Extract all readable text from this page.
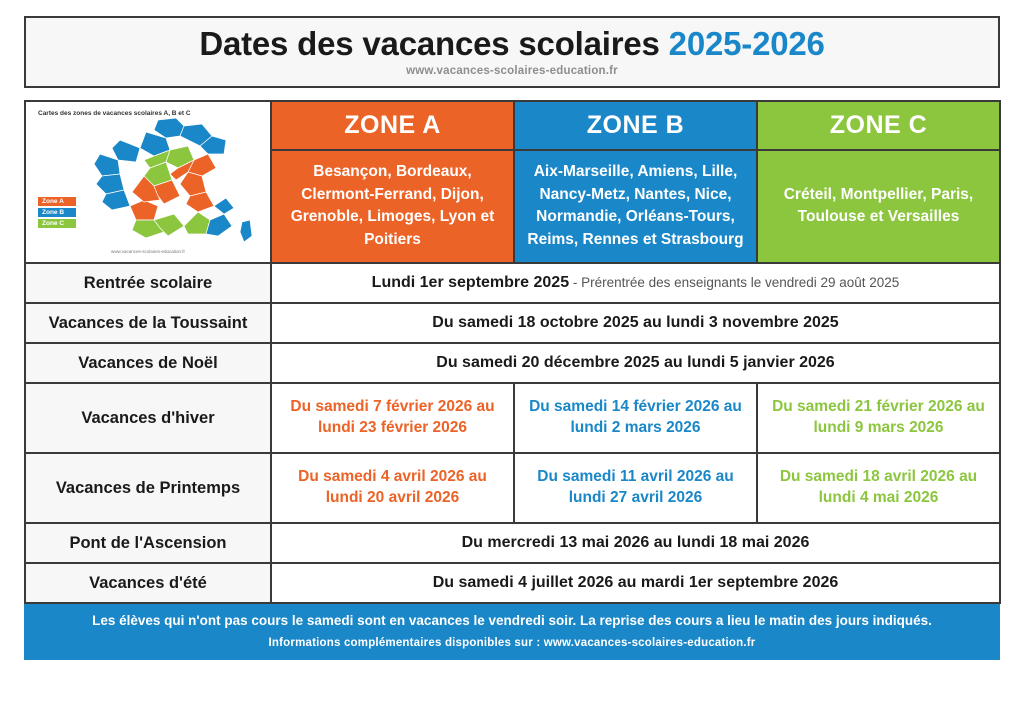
Dates des vacances scolaires 2025-2026
www.vacances-scolaires-education.fr
Cartes des zones de vacances scolaires A, B et C
Zone A
Zone B
Zone C
www.vacances-scolaires-education.fr	ZONE A	ZONE B	ZONE C
	Besançon, Bordeaux, Clermont-Ferrand, Dijon, Grenoble, Limoges, Lyon et Poitiers	Aix-Marseille, Amiens, Lille, Nancy-Metz, Nantes, Nice, Normandie, Orléans-Tours, Reims, Rennes et Strasbourg	Créteil, Montpellier, Paris, Toulouse et Versailles
Rentrée scolaire	Lundi 1er septembre 2025 - Prérentrée des enseignants le vendredi 29 août 2025		
Vacances de la Toussaint	Du samedi 18 octobre 2025 au lundi 3 novembre 2025		
Vacances de Noël	Du samedi 20 décembre 2025 au lundi 5 janvier 2026		
Vacances d'hiver	Du samedi 7 février 2026 au lundi 23 février 2026	Du samedi 14 février 2026 au lundi 2 mars 2026	Du samedi 21 février 2026 au lundi 9 mars 2026
Vacances de Printemps	Du samedi 4 avril 2026 au lundi 20 avril 2026	Du samedi 11 avril 2026 au lundi 27 avril 2026	Du samedi 18 avril 2026 au lundi 4 mai 2026
Pont de l'Ascension	Du mercredi 13 mai 2026 au lundi 18 mai 2026		
Vacances d'été	Du samedi 4 juillet 2026 au mardi 1er septembre 2026		
Les élèves qui n'ont pas cours le samedi sont en vacances le vendredi soir. La reprise des cours a lieu le matin des jours indiqués.
Informations complémentaires disponibles sur : www.vacances-scolaires-education.fr
